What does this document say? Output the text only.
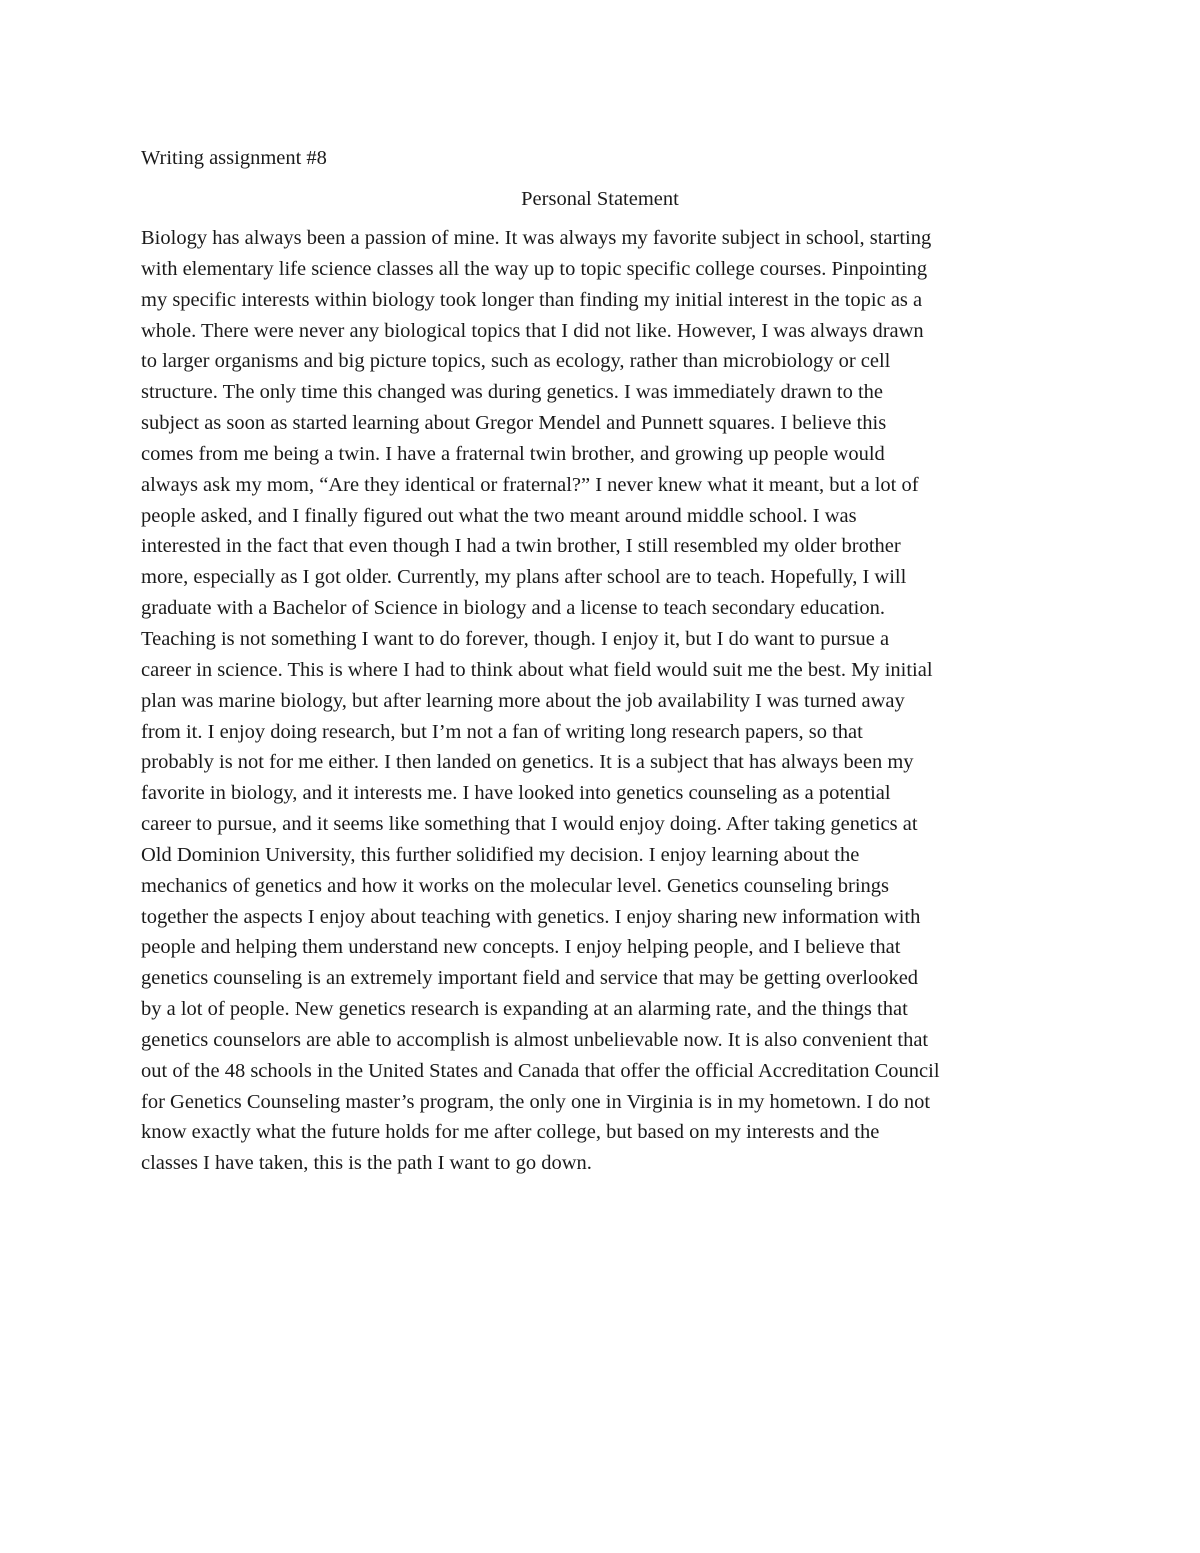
Writing assignment #8
Personal Statement
Biology has always been a passion of mine. It was always my favorite subject in school, starting
with elementary life science classes all the way up to topic specific college courses. Pinpointing
my specific interests within biology took longer than finding my initial interest in the topic as a
whole. There were never any biological topics that I did not like. However, I was always drawn
to larger organisms and big picture topics, such as ecology, rather than microbiology or cell
structure. The only time this changed was during genetics. I was immediately drawn to the
subject as soon as started learning about Gregor Mendel and Punnett squares. I believe this
comes from me being a twin. I have a fraternal twin brother, and growing up people would
always ask my mom, “Are they identical or fraternal?” I never knew what it meant, but a lot of
people asked, and I finally figured out what the two meant around middle school. I was
interested in the fact that even though I had a twin brother, I still resembled my older brother
more, especially as I got older. Currently, my plans after school are to teach. Hopefully, I will
graduate with a Bachelor of Science in biology and a license to teach secondary education.
Teaching is not something I want to do forever, though. I enjoy it, but I do want to pursue a
career in science. This is where I had to think about what field would suit me the best. My initial
plan was marine biology, but after learning more about the job availability I was turned away
from it. I enjoy doing research, but I’m not a fan of writing long research papers, so that
probably is not for me either. I then landed on genetics. It is a subject that has always been my
favorite in biology, and it interests me. I have looked into genetics counseling as a potential
career to pursue, and it seems like something that I would enjoy doing. After taking genetics at
Old Dominion University, this further solidified my decision. I enjoy learning about the
mechanics of genetics and how it works on the molecular level. Genetics counseling brings
together the aspects I enjoy about teaching with genetics. I enjoy sharing new information with
people and helping them understand new concepts. I enjoy helping people, and I believe that
genetics counseling is an extremely important field and service that may be getting overlooked
by a lot of people. New genetics research is expanding at an alarming rate, and the things that
genetics counselors are able to accomplish is almost unbelievable now. It is also convenient that
out of the 48 schools in the United States and Canada that offer the official Accreditation Council
for Genetics Counseling master’s program, the only one in Virginia is in my hometown. I do not
know exactly what the future holds for me after college, but based on my interests and the
classes I have taken, this is the path I want to go down.
